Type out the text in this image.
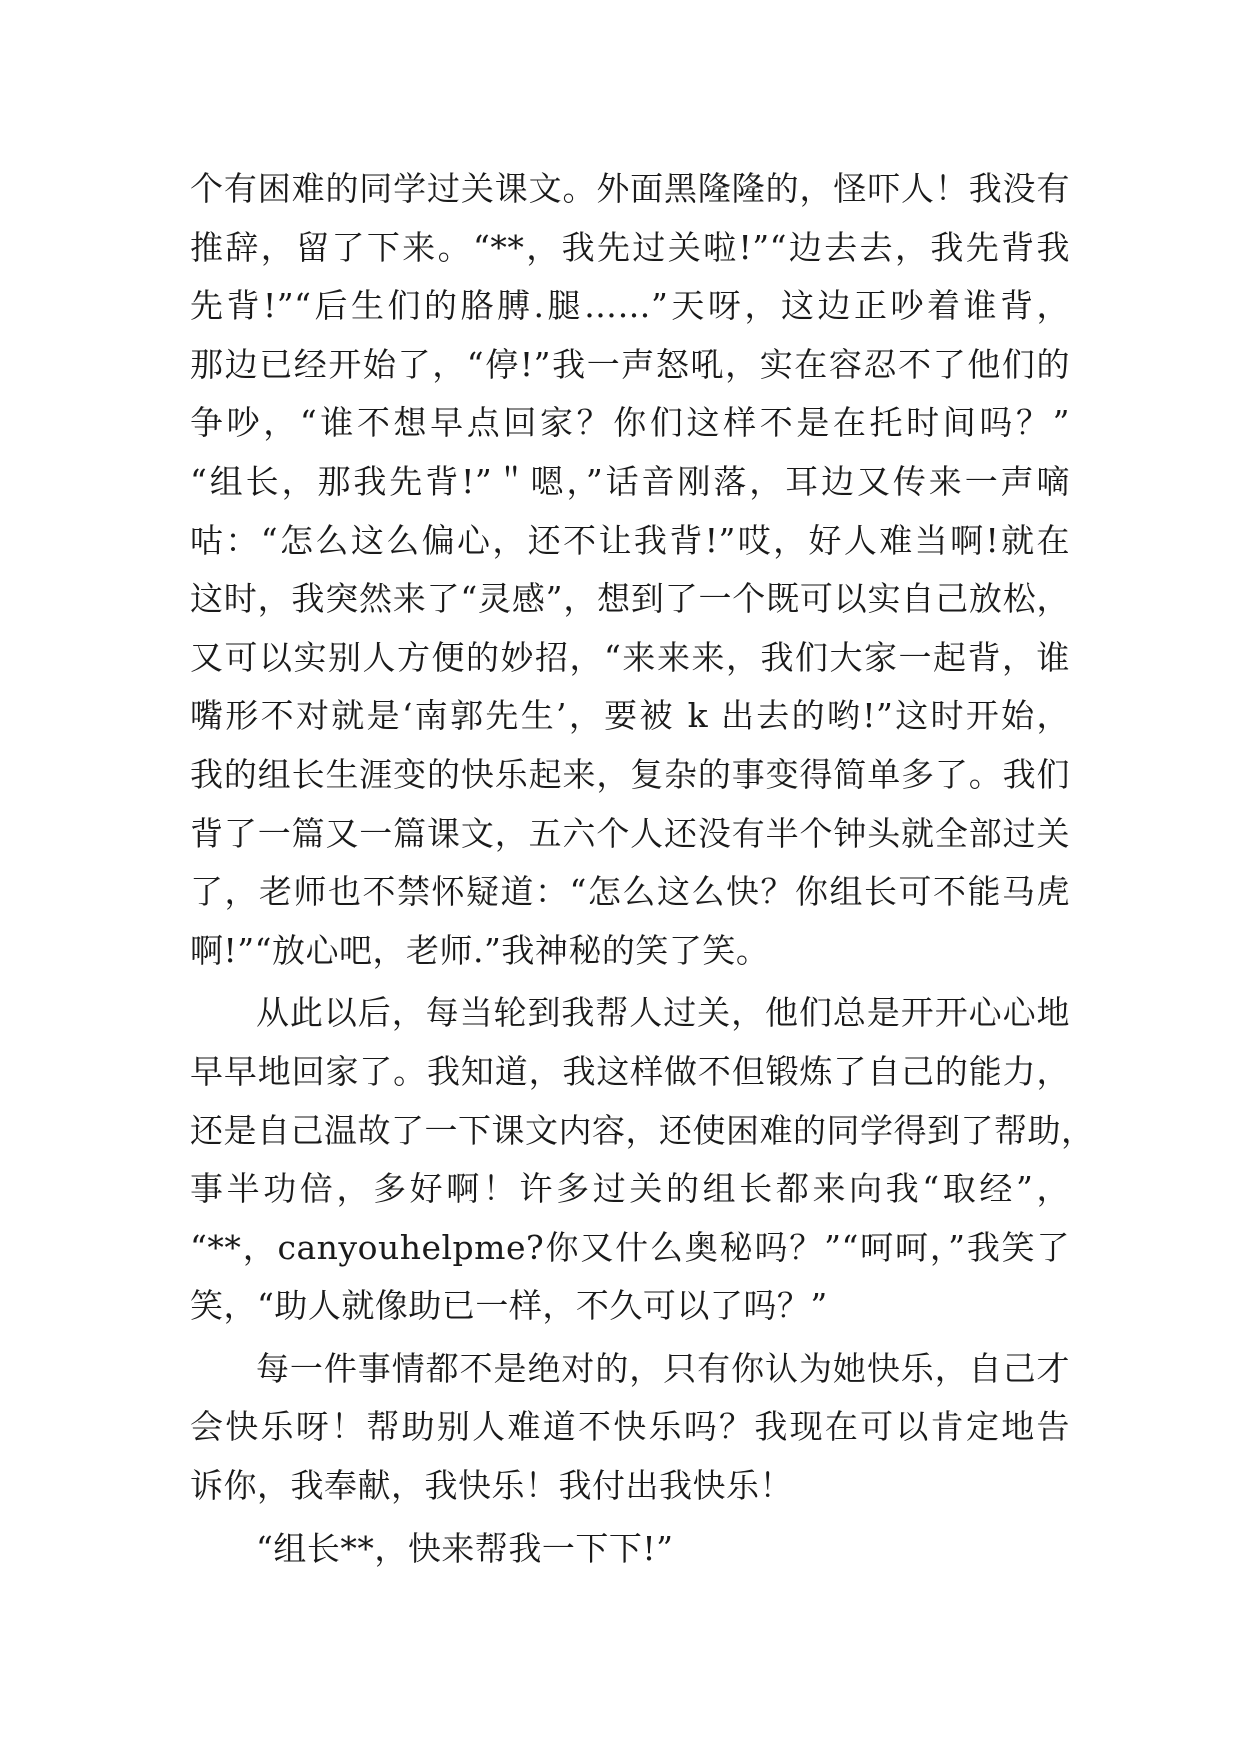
个有困难的同学过关课文。外面黑隆隆的，怪吓人！我没有
推辞，留了下来。“**，我先过关啦!”“边去去，我先背我
先背!”“后生们的胳膊.腿……”天呀，这边正吵着谁背，
那边已经开始了，“停!”我一声怒吼，实在容忍不了他们的
争吵，“谁不想早点回家？你们这样不是在托时间吗？”
“组长，那我先背!”＂嗯，”话音刚落，耳边又传来一声嘀
咕：“怎么这么偏心，还不让我背!”哎，好人难当啊!就在
这时，我突然来了“灵感”，想到了一个既可以实自己放松，
又可以实别人方便的妙招，“来来来，我们大家一起背，谁
嘴形不对就是‘南郭先生’，要被 k 出去的哟!”这时开始，
我的组长生涯变的快乐起来，复杂的事变得简单多了。我们
背了一篇又一篇课文，五六个人还没有半个钟头就全部过关
了，老师也不禁怀疑道：“怎么这么快？你组长可不能马虎
啊!”“放心吧，老师.”我神秘的笑了笑。
从此以后，每当轮到我帮人过关，他们总是开开心心地
早早地回家了。我知道，我这样做不但锻炼了自己的能力，
还是自己温故了一下课文内容，还使困难的同学得到了帮助，
事半功倍，多好啊！许多过关的组长都来向我“取经”，
“**，canyouhelpme?你又什么奥秘吗？”“呵呵，”我笑了
笑，“助人就像助已一样，不久可以了吗？”
每一件事情都不是绝对的，只有你认为她快乐，自己才
会快乐呀！帮助别人难道不快乐吗？我现在可以肯定地告
诉你，我奉献，我快乐！我付出我快乐！
“组长**，快来帮我一下下!”
